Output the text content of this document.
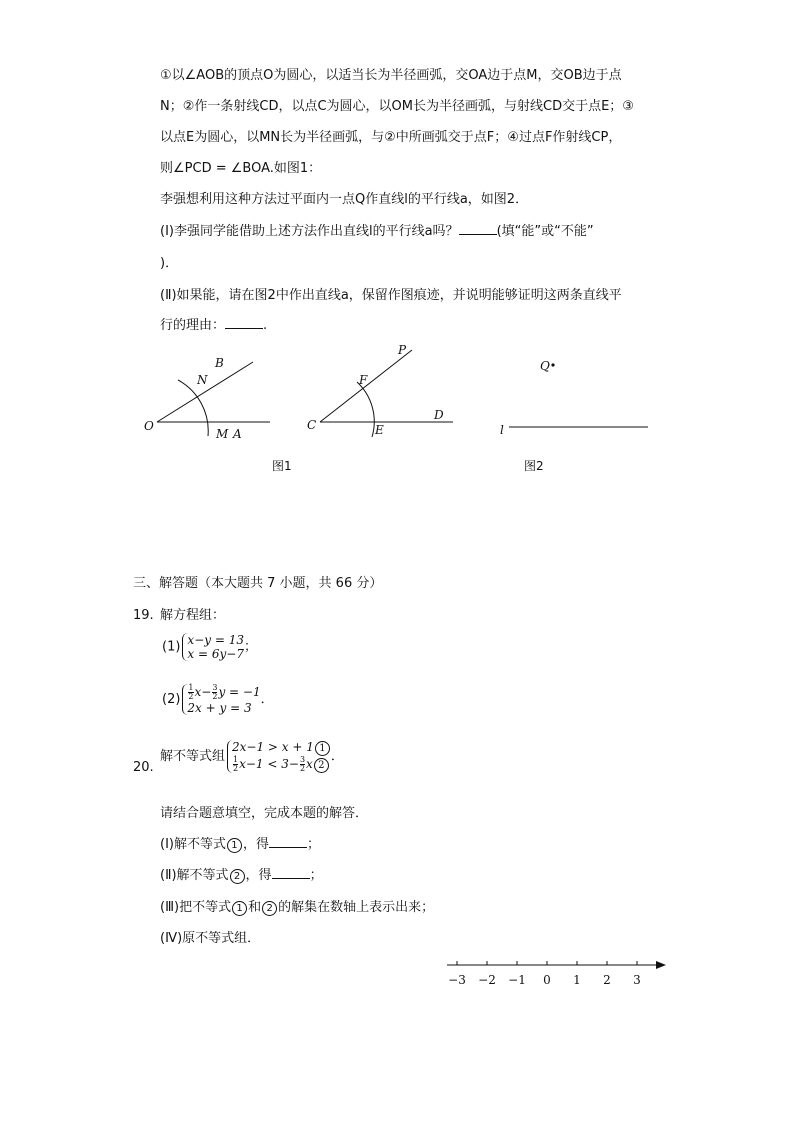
①以∠AOB的顶点O为圆心，以适当长为半径画弧，交OA边于点M，交OB边于点
N；②作一条射线CD，以点C为圆心，以OM长为半径画弧，与射线CD交于点E；③
以点E为圆心，以MN长为半径画弧，与②中所画弧交于点F；④过点F作射线CP，
则∠PCD = ∠BOA.如图1：
李强想利用这种方法过平面内一点Q作直线l的平行线a，如图2．
(Ⅰ)李强同学能借助上述方法作出直线l的平行线a吗？	(填“能”或“不能”
)．
(Ⅱ)如果能，请在图2中作出直线a，保留作图痕迹，并说明能够证明这两条直线平
行的理由：	.
O
B
N
M A
C
P
F
E
D
Q
l
图1	图2
三、解答题（本大题共 7 小题，共 66 分）
19. 解方程组：
(1) x−y = 13
x = 6y−7 ；
$(2) \frac{1}{2} x- \frac{3}{2}$ y = −1
2x + y = 3
．
20.
解不等式组
2x−1 > x + 1 1
$\frac{1}{2} x-1 < 3- \frac{3}{2}$ x 2
．
请结合题意填空，完成本题的解答．
(Ⅰ)解不等式 1 ，得	；
(Ⅱ)解不等式 2 ，得	；
(Ⅲ)把不等式 1 和 2 的解集在数轴上表示出来；
(Ⅳ)原不等式组．
−3 −2 −1 0 1 2 3
